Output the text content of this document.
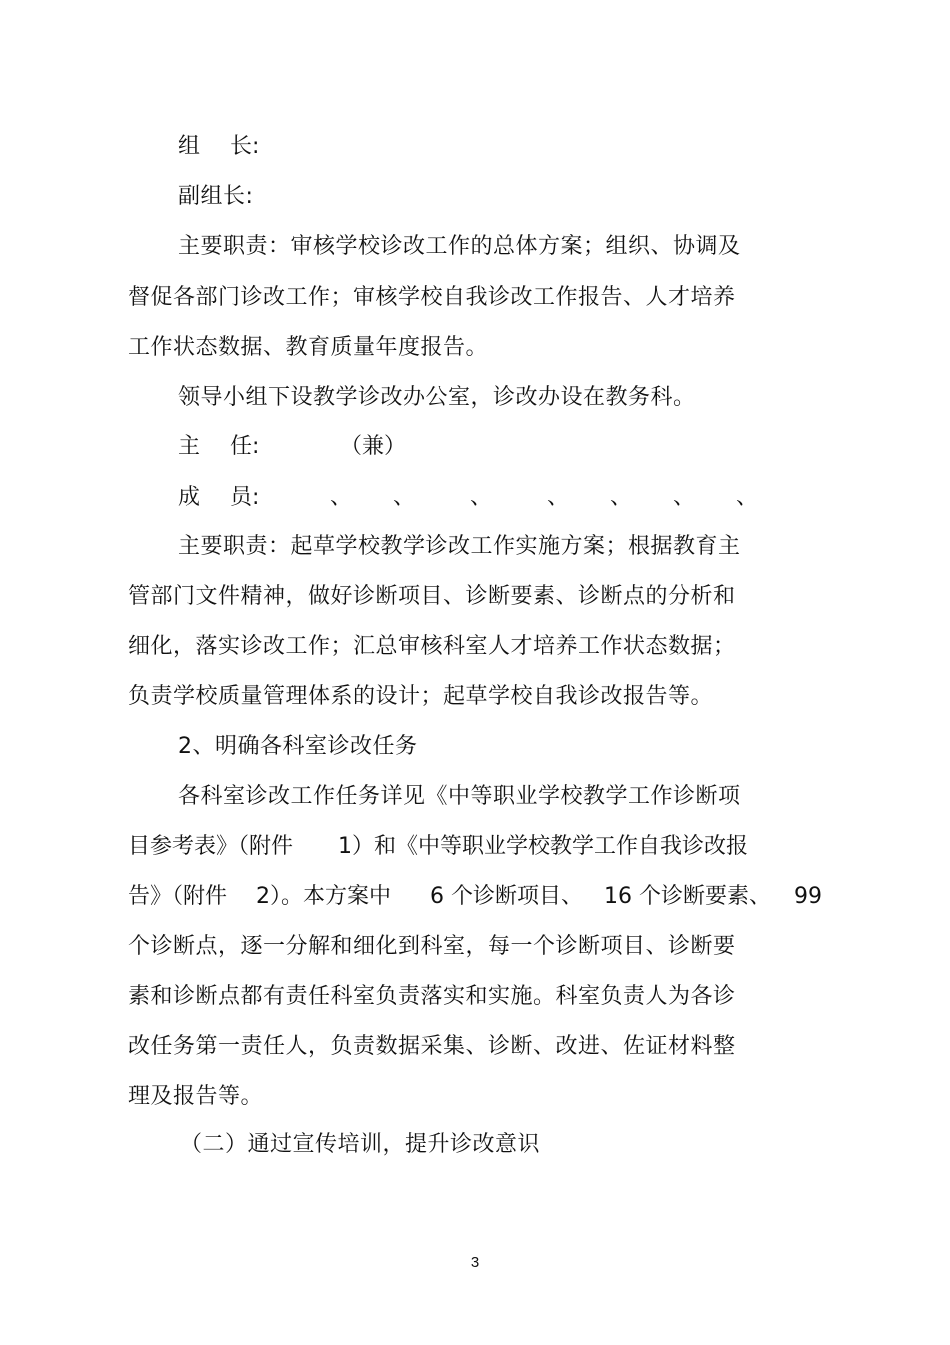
组 长:
副组长:
主要职责：审核学校诊改工作的总体方案；组织、协调及
督促各部门诊改工作；审核学校自我诊改工作报告、人才培养
工作状态数据、教育质量年度报告。
领导小组下设教学诊改办公室，诊改办设在教务科。
主 任:	（兼）
成 员:	、 、 、 、 、 、 、
主要职责：起草学校教学诊改工作实施方案；根据教育主
管部门文件精神，做好诊断项目、诊断要素、诊断点的分析和
细化，落实诊改工作；汇总审核科室人才培养工作状态数据；
负责学校质量管理体系的设计；起草学校自我诊改报告等。
2、明确各科室诊改任务
各科室诊改工作任务详见《中等职业学校教学工作诊断项
目参考表》（附件 1）和《中等职业学校教学工作自我诊改报
告》（附件 2）。本方案中 6 个诊断项目、 16 个诊断要素、 99
个诊断点，逐一分解和细化到科室，每一个诊断项目、诊断要
素和诊断点都有责任科室负责落实和实施。科室负责人为各诊
改任务第一责任人，负责数据采集、诊断、改进、佐证材料整
理及报告等。
（二）通过宣传培训，提升诊改意识
3
